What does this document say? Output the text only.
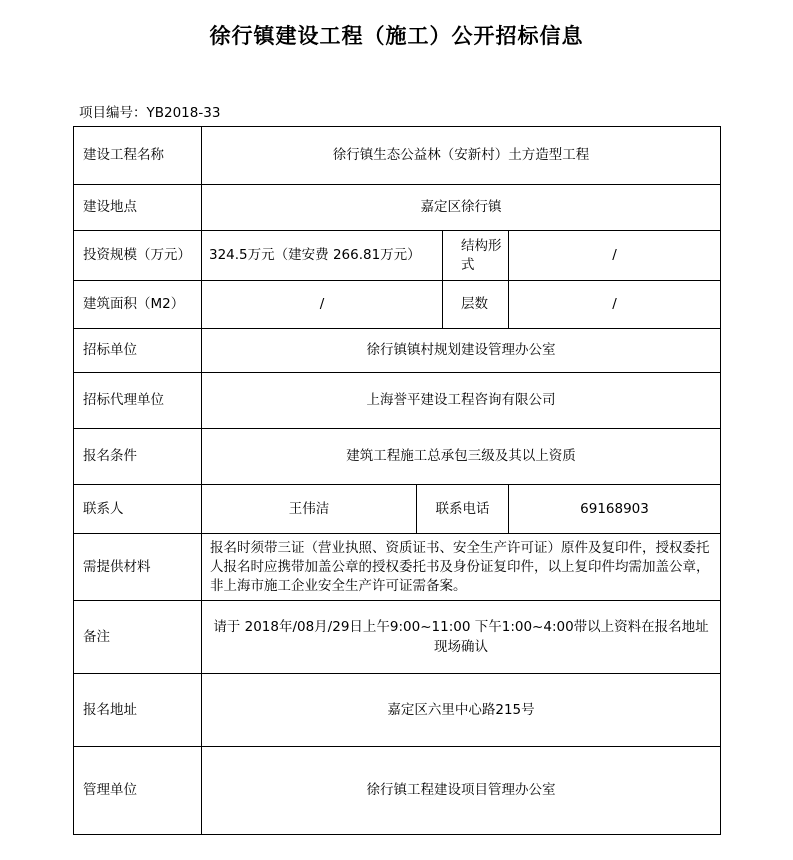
徐行镇建设工程（施工）公开招标信息
项目编号：YB2018-33
建设工程名称	徐行镇生态公益林（安新村）土方造型工程			
建设地点	嘉定区徐行镇			
投资规模（万元）	324.5万元（建安费 266.81万元）		结构形式	/
建筑面积（M2）	/		层数	/
招标单位	徐行镇镇村规划建设管理办公室			
招标代理单位	上海誉平建设工程咨询有限公司			
报名条件	建筑工程施工总承包三级及其以上资质			
联系人	王伟洁	联系电话		69168903
需提供材料	报名时须带三证（营业执照、资质证书、安全生产许可证）原件及复印件，授权委托人报名时应携带加盖公章的授权委托书及身份证复印件，以上复印件均需加盖公章，非上海市施工企业安全生产许可证需备案。			
备注	请于 2018年/08月/29日上午9:00~11:00 下午1:00~4:00带以上资料在报名地址现场确认			
报名地址	嘉定区六里中心路215号			
管理单位	徐行镇工程建设项目管理办公室			
